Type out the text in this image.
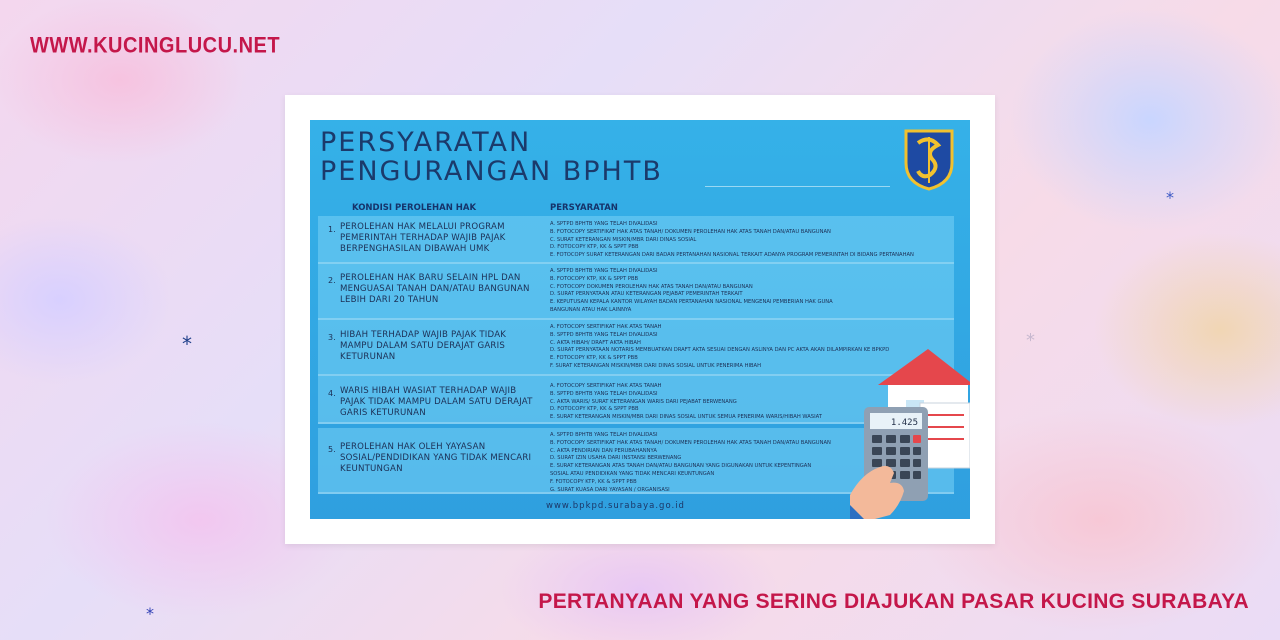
*
*
*
*
WWW.KUCINGLUCU.NET
PERSYARATAN
PENGURANGAN BPHTB
KONDISI PEROLEHAN HAK	PERSYARATAN
1. PEROLEHAN HAK MELALUI PROGRAM PEMERINTAH TERHADAP WAJIB PAJAK BERPENGHASILAN DIBAWAH UMK
A. SPTPD BPHTB YANG TELAH DIVALIDASI
B. FOTOCOPY SERTIFIKAT HAK ATAS TANAH/ DOKUMEN PEROLEHAN HAK ATAS TANAH DAN/ATAU BANGUNAN
C. SURAT KETERANGAN MISKIN/MBR DARI DINAS SOSIAL
D. FOTOCOPY KTP, KK & SPPT PBB
E. FOTOCOPY SURAT KETERANGAN DARI BADAN PERTANAHAN NASIONAL TERKAIT ADANYA PROGRAM PEMERINTAH DI BIDANG PERTANAHAN
2. PEROLEHAN HAK BARU SELAIN HPL DAN MENGUASAI TANAH DAN/ATAU BANGUNAN LEBIH DARI 20 TAHUN
A. SPTPD BPHTB YANG TELAH DIVALIDASI
B. FOTOCOPY KTP, KK & SPPT PBB
C. FOTOCOPY DOKUMEN PEROLEHAN HAK ATAS TANAH DAN/ATAU BANGUNAN
D. SURAT PERNYATAAN ATAU KETERANGAN PEJABAT PEMERINTAH TERKAIT
E. KEPUTUSAN KEPALA KANTOR WILAYAH BADAN PERTANAHAN NASIONAL MENGENAI PEMBERIAN HAK GUNA
BANGUNAN ATAU HAK LAINNYA
3. HIBAH TERHADAP WAJIB PAJAK TIDAK MAMPU DALAM SATU DERAJAT GARIS KETURUNAN
A. FOTOCOPY SERTIFIKAT HAK ATAS TANAH
B. SPTPD BPHTB YANG TELAH DIVALIDASI
C. AKTA HIBAH/ DRAFT AKTA HIBAH
D. SURAT PERNYATAAN NOTARIS MEMBUATKAN DRAFT AKTA SESUAI DENGAN ASLINYA DAN PC AKTA AKAN DILAMPIRKAN KE BPKPD
E. FOTOCOPY KTP, KK & SPPT PBB
F. SURAT KETERANGAN MISKIN/MBR DARI DINAS SOSIAL UNTUK PENERIMA HIBAH
4. WARIS HIBAH WASIAT TERHADAP WAJIB PAJAK TIDAK MAMPU DALAM SATU DERAJAT GARIS KETURUNAN
A. FOTOCOPY SERTIFIKAT HAK ATAS TANAH
B. SPTPD BPHTB YANG TELAH DIVALIDASI
C. AKTA WARIS/ SURAT KETERANGAN WARIS DARI PEJABAT BERWENANG
D. FOTOCOPY KTP, KK & SPPT PBB
E. SURAT KETERANGAN MISKIN/MBR DARI DINAS SOSIAL UNTUK SEMUA PENERIMA WARIS/HIBAH WASIAT
5. PEROLEHAN HAK OLEH YAYASAN SOSIAL/PENDIDIKAN YANG TIDAK MENCARI KEUNTUNGAN
A. SPTPD BPHTB YANG TELAH DIVALIDASI
B. FOTOCOPY SERTIFIKAT HAK ATAS TANAH/ DOKUMEN PEROLEHAN HAK ATAS TANAH DAN/ATAU BANGUNAN
C. AKTA PENDIRIAN DAN PERUBAHANNYA
D. SURAT IZIN USAHA DARI INSTANSI BERWENANG
E. SURAT KETERANGAN ATAS TANAH DAN/ATAU BANGUNAN YANG DIGUNAKAN UNTUK KEPENTINGAN
SOSIAL ATAU PENDIDIKAN YANG TIDAK MENCARI KEUNTUNGAN
F. FOTOCOPY KTP, KK & SPPT PBB
G. SURAT KUASA DARI YAYASAN / ORGANISASI
www.bpkpd.surabaya.go.id
1.425
PERTANYAAN YANG SERING DIAJUKAN PASAR KUCING SURABAYA
